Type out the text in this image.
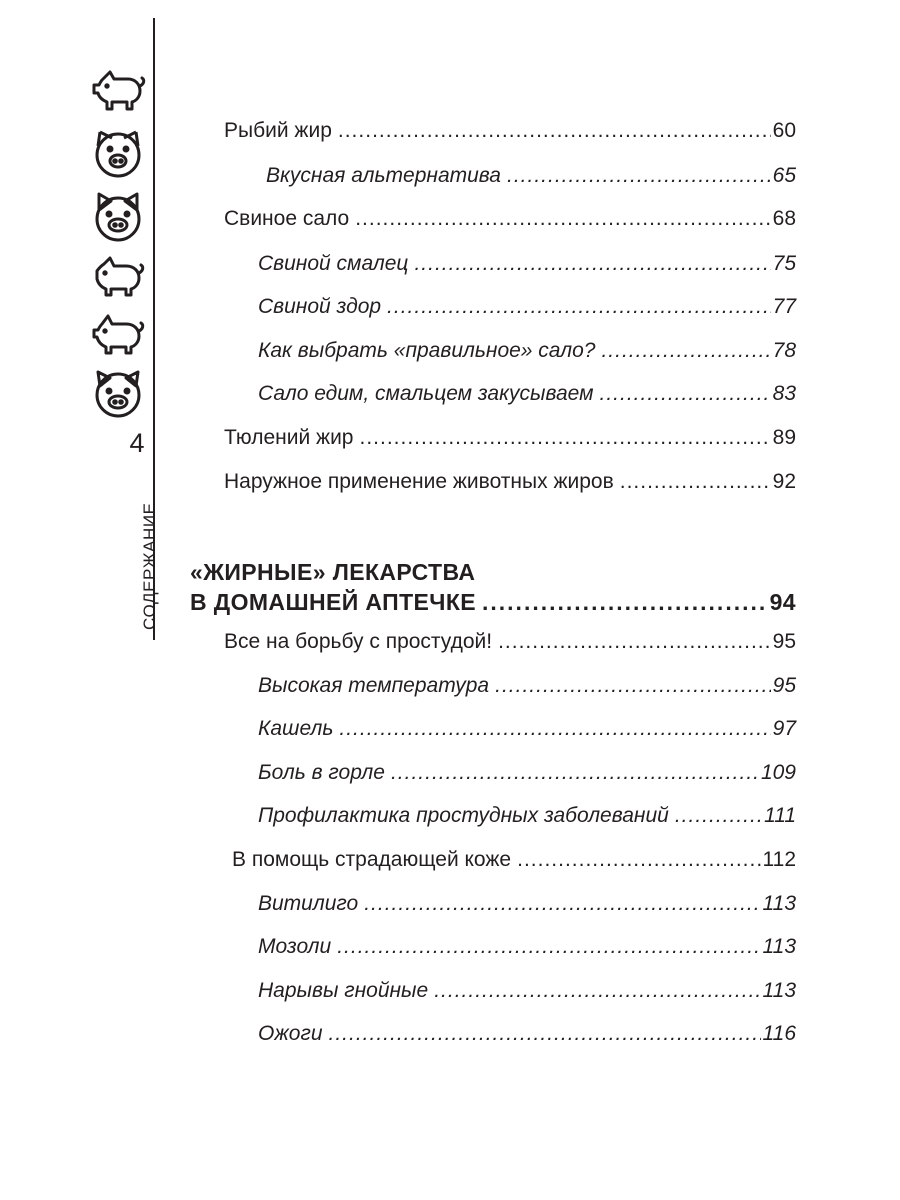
4
СОДЕРЖАНИЕ
Рыбий жир .....	60
Вкусная альтернатива .....	65
Свиное сало .....	68
Свиной смалец .....	75
Свиной здор .....	77
Как выбрать «правильное» сало? .....	78
Сало едим, смальцем закусываем .....	83
Тюлений жир .....	89
Наружное применение животных жиров .....	92
«ЖИРНЫЕ» ЛЕКАРСТВА
В ДОМАШНЕЙ АПТЕЧКЕ .....	94
Все на борьбу с простудой! .....	95
Высокая температура .....	95
Кашель .....	97
Боль в горле .....	109
Профилактика простудных заболеваний .....	111
В помощь страдающей коже .....	112
Витилиго .....	113
Мозоли .....	113
Нарывы гнойные .....	113
Ожоги .....	116
